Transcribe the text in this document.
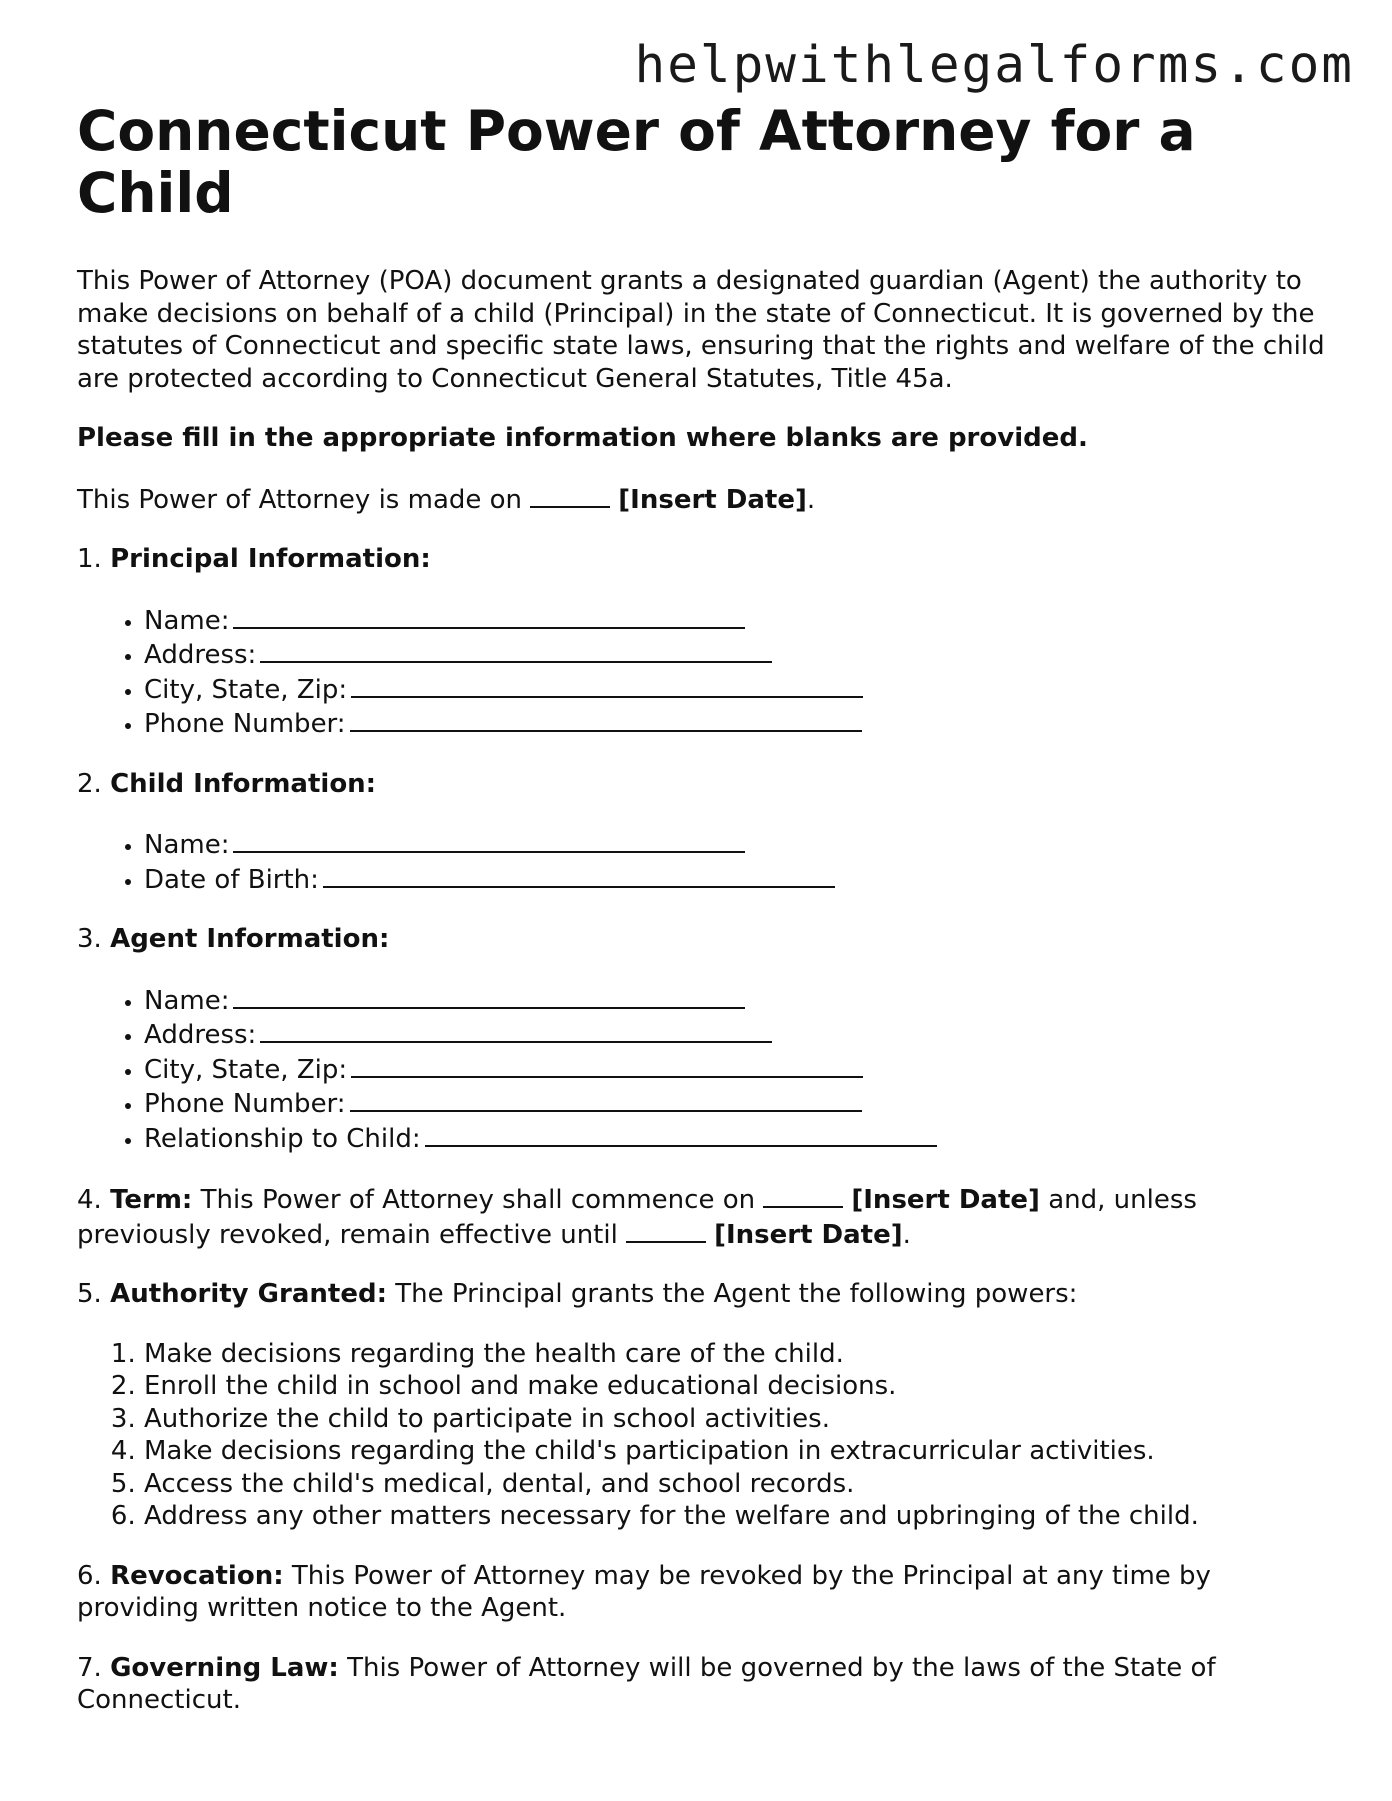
helpwithlegalforms.com
Connecticut Power of Attorney for a Child

This Power of Attorney (POA) document grants a designated guardian (Agent) the authority to make decisions on behalf of a child (Principal) in the state of Connecticut. It is governed by the statutes of Connecticut and specific state laws, ensuring that the rights and welfare of the child are protected according to Connecticut General Statutes, Title 45a.

Please fill in the appropriate information where blanks are provided.

This Power of Attorney is made on	[Insert Date].

1. Principal Information:

• Name:
• Address:
• City, State, Zip:
• Phone Number:

2. Child Information:

• Name:
• Date of Birth:

3. Agent Information:

• Name:
• Address:
• City, State, Zip:
• Phone Number:
• Relationship to Child:

4. Term: This Power of Attorney shall commence on	[Insert Date] and, unless previously revoked, remain effective until	[Insert Date].

5. Authority Granted: The Principal grants the Agent the following powers:

1. Make decisions regarding the health care of the child.
2. Enroll the child in school and make educational decisions.
3. Authorize the child to participate in school activities.
4. Make decisions regarding the child's participation in extracurricular activities.
5. Access the child's medical, dental, and school records.
6. Address any other matters necessary for the welfare and upbringing of the child.

6. Revocation: This Power of Attorney may be revoked by the Principal at any time by providing written notice to the Agent.

7. Governing Law: This Power of Attorney will be governed by the laws of the State of Connecticut.
